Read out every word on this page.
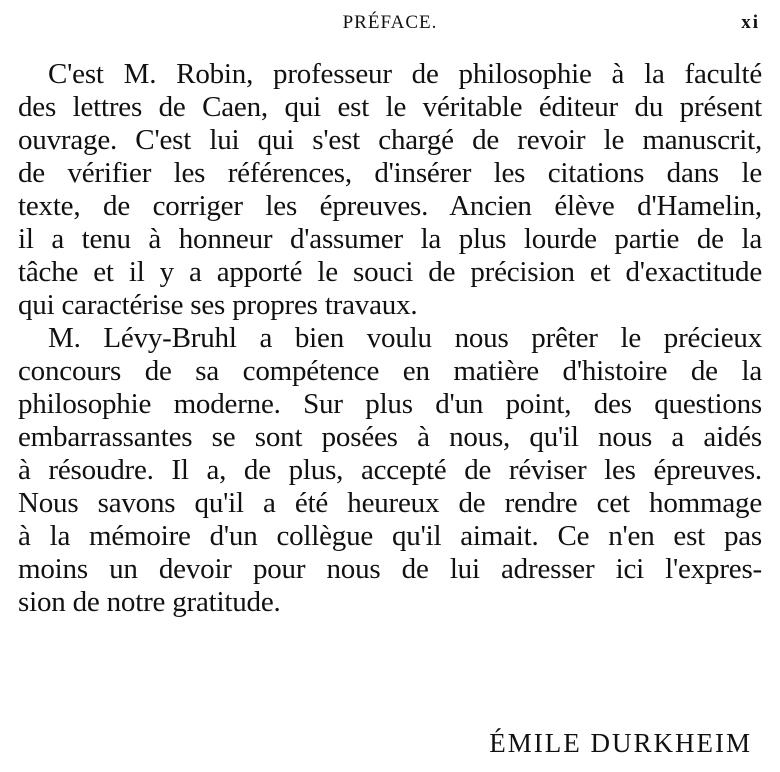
PRÉFACE.	xi
C'est M. Robin, professeur de philosophie à la faculté
des lettres de Caen, qui est le véritable éditeur du présent
ouvrage. C'est lui qui s'est chargé de revoir le manuscrit,
de vérifier les références, d'insérer les citations dans le
texte, de corriger les épreuves. Ancien élève d'Hamelin,
il a tenu à honneur d'assumer la plus lourde partie de la
tâche et il y a apporté le souci de précision et d'exactitude
qui caractérise ses propres travaux.
M. Lévy-Bruhl a bien voulu nous prêter le précieux
concours de sa compétence en matière d'histoire de la
philosophie moderne. Sur plus d'un point, des questions
embarrassantes se sont posées à nous, qu'il nous a aidés
à résoudre. Il a, de plus, accepté de réviser les épreuves.
Nous savons qu'il a été heureux de rendre cet hommage
à la mémoire d'un collègue qu'il aimait. Ce n'en est pas
moins un devoir pour nous de lui adresser ici l'expres-
sion de notre gratitude.
ÉMILE DURKHEIM
